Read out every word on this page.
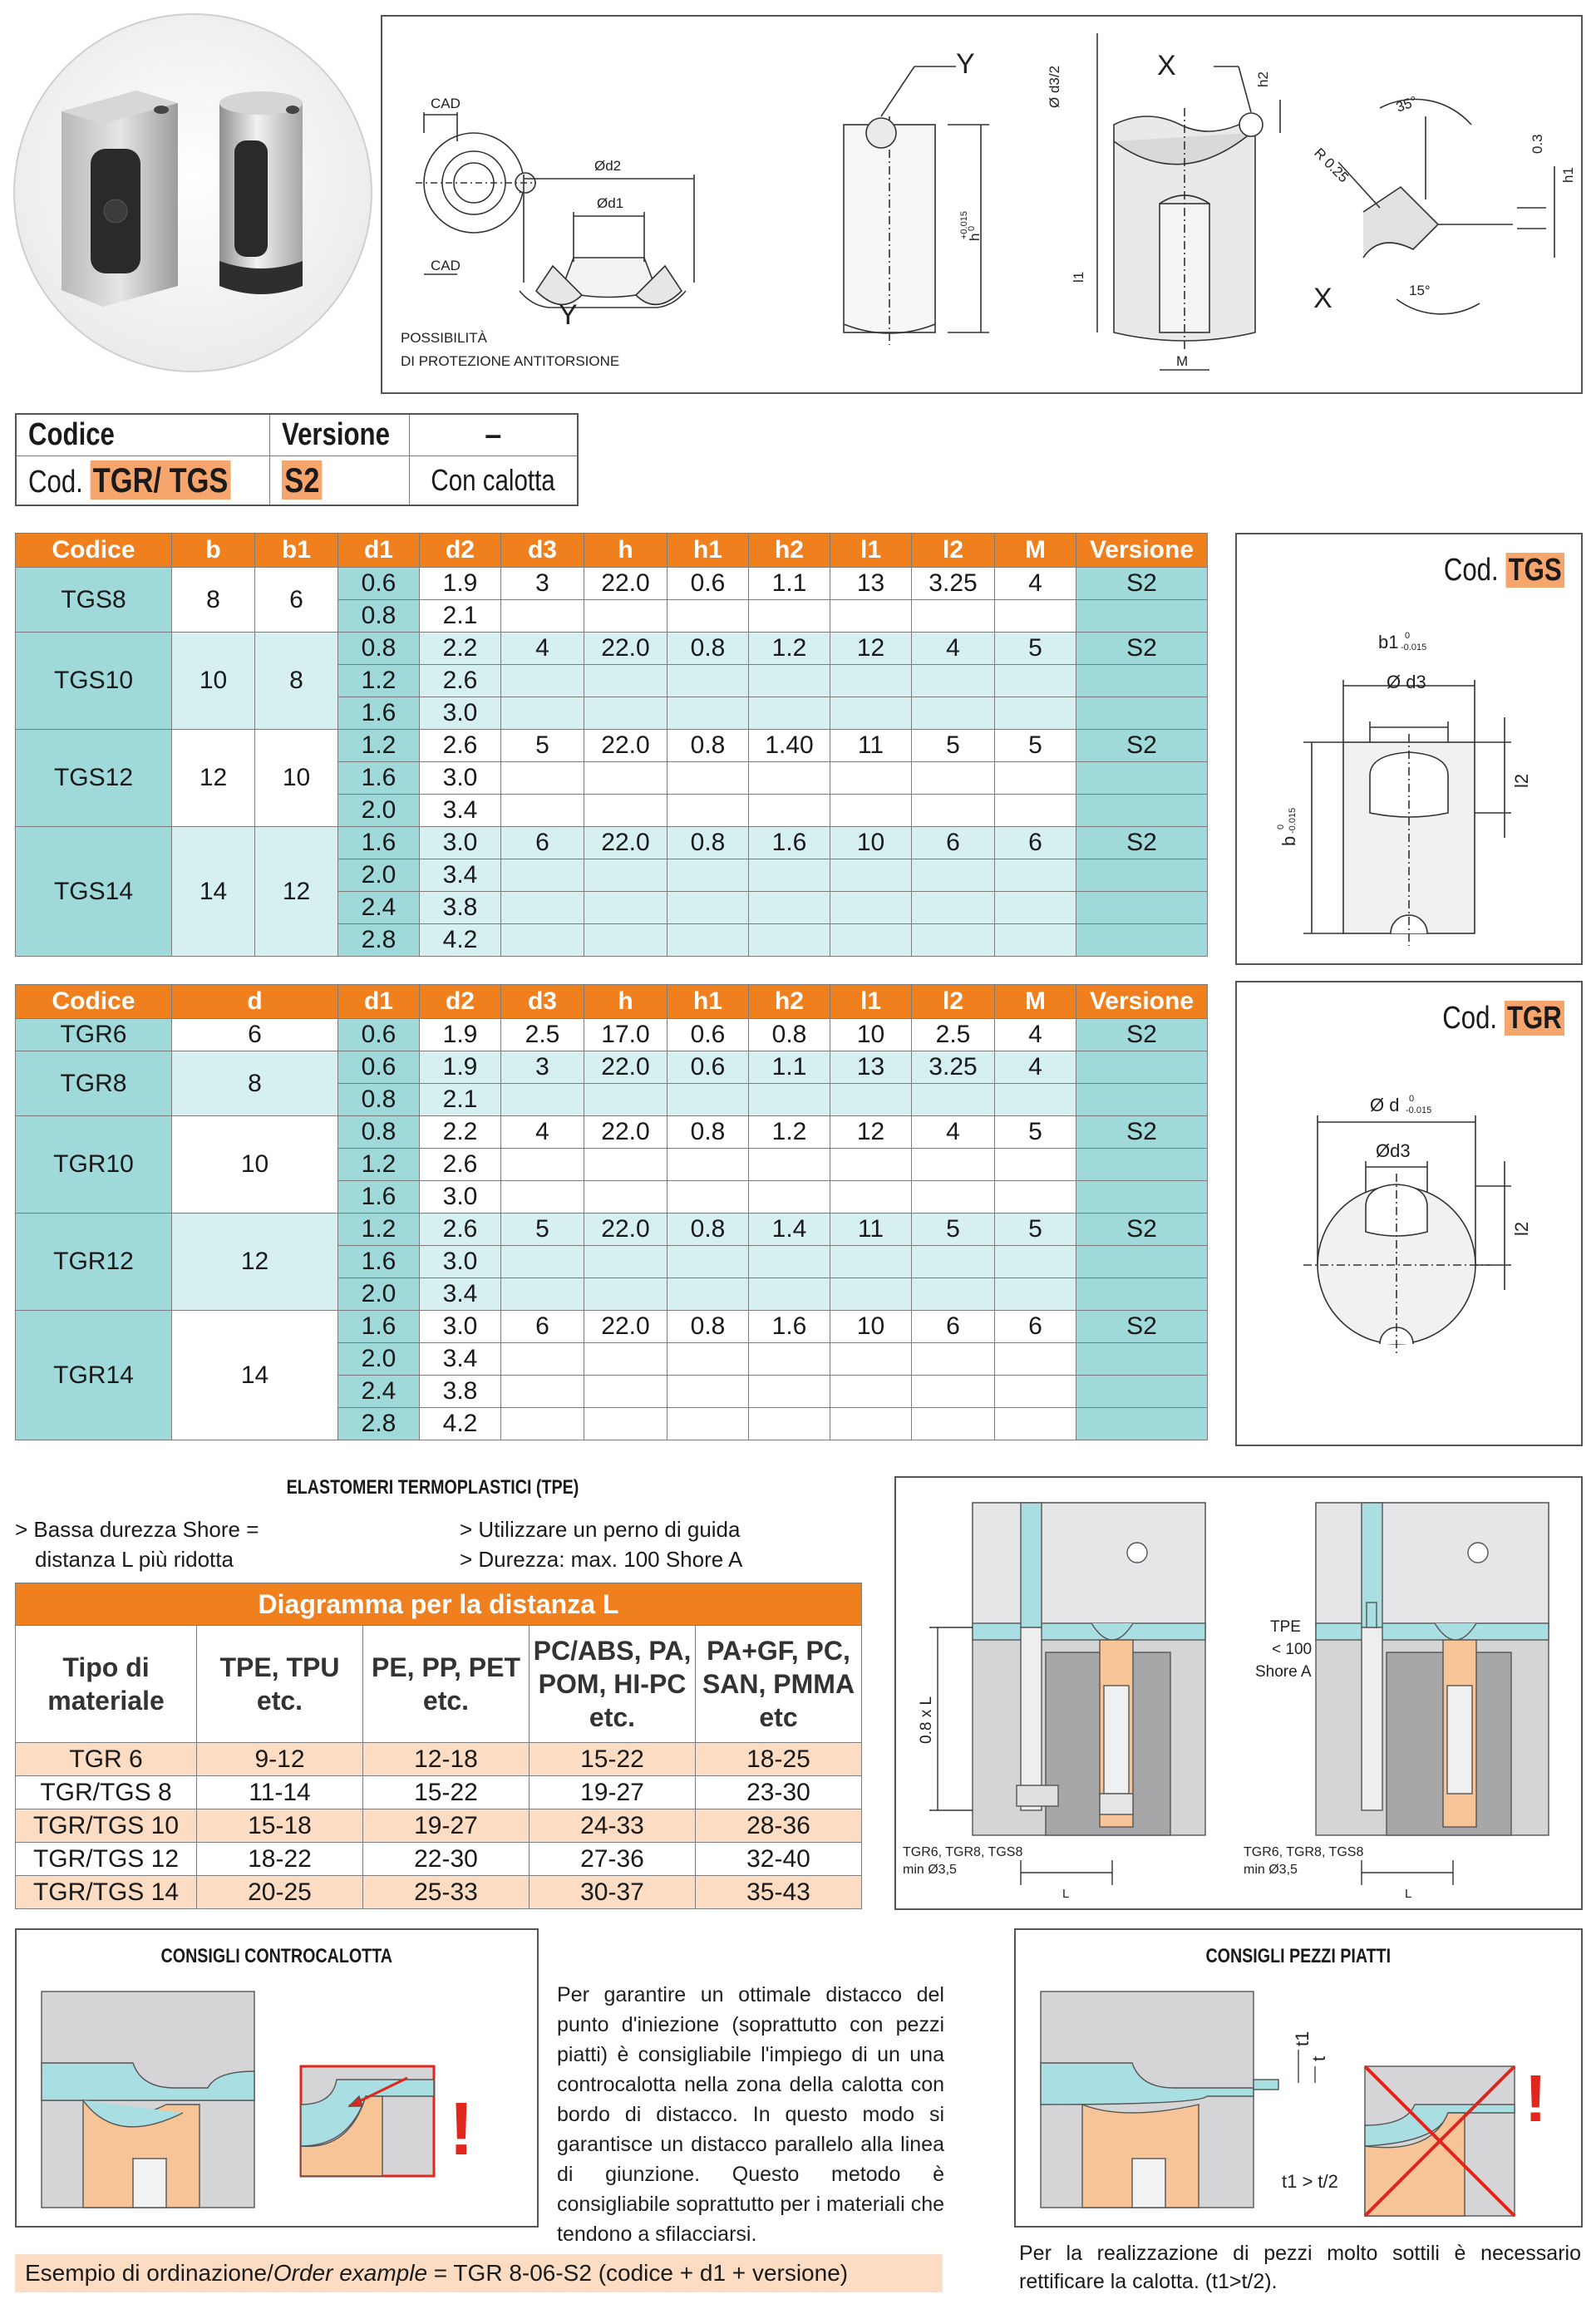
CAD
CAD
Ød2
Ød1
h1
0.3
35°
15°
R 0.25
Ø d3/2	h2
l1
M
h
+0.015
0
POSSIBILITÀ
DI PROTEZIONE ANTITORSIONE
Y
Y
X
X
Codice	Versione	–
Cod. TGR/ TGS	S2	Con calotta
Codice	b	b1	d1	d2	d3	h	h1	h2	l1	l2	M	Versione
TGS8	8	6	0.6	1.9	3	22.0	0.6	1.1	13	3.25	4	S2
			0.8	2.1								
TGS10	10	8	0.8	2.2	4	22.0	0.8	1.2	12	4	5	S2
			1.2	2.6								
			1.6	3.0								
TGS12	12	10	1.2	2.6	5	22.0	0.8	1.40	11	5	5	S2
			1.6	3.0								
			2.0	3.4								
TGS14	14	12	1.6	3.0	6	22.0	0.8	1.6	10	6	6	S2
			2.0	3.4								
			2.4	3.8								
			2.8	4.2								
Codice	d	d1	d2	d3	h	h1	h2	l1	l2	M	Versione
TGR6	6	0.6	1.9	2.5	17.0	0.6	0.8	10	2.5	4	S2
TGR8	8	0.6	1.9	3	22.0	0.6	1.1	13	3.25	4	
		0.8	2.1								
TGR10	10	0.8	2.2	4	22.0	0.8	1.2	12	4	5	S2
		1.2	2.6								
		1.6	3.0								
TGR12	12	1.2	2.6	5	22.0	0.8	1.4	11	5	5	S2
		1.6	3.0								
		2.0	3.4								
TGR14	14	1.6	3.0	6	22.0	0.8	1.6	10	6	6	S2
		2.0	3.4								
		2.4	3.8								
		2.8	4.2								
Cod. TGS
b1 0
-0.015
Ø d3
l2
b
0 -0.015
Cod. TGR
Ø d 0
-0.015
Ød3
l2
ELASTOMERI TERMOPLASTICI (TPE)
> Bassa durezza Shore =
distanza L più ridotta
> Utilizzare un perno di guida
> Durezza: max. 100 Shore A
Diagramma per la distanza L				
Tipo di materiale	TPE, TPU etc.	PE, PP, PET etc.	PC/ABS, PA, POM, HI-PC etc.	PA+GF, PC, SAN, PMMA etc
TGR 6	9-12	12-18	15-22	18-25
TGR/TGS 8	11-14	15-22	19-27	23-30
TGR/TGS 10	15-18	19-27	24-33	28-36
TGR/TGS 12	18-22	22-30	27-36	32-40
TGR/TGS 14	20-25	25-33	30-37	35-43
0.8 x L
TGR6, TGR8, TGS8
min Ø3,5
L
TPE
< 100
Shore A
TGR6, TGR8, TGS8
min Ø3,5
L
CONSIGLI CONTROCALOTTA
!
Per garantire un ottimale distacco del punto d'iniezione (soprattutto con pezzi piatti) è consigliabile l'impiego di un una controcalotta nella zona della calotta con bordo di distacco. In questo modo si garantisce un distacco parallelo alla linea di giunzione. Questo metodo è consigliabile soprattutto per i materiali che tendono a sfilacciarsi.
Esempio di ordinazione/Order example = TGR 8-06-S2 (codice + d1 + versione)
CONSIGLI PEZZI PIATTI
t1
t
t1 > t/2
!
Per la realizzazione di pezzi molto sottili è necessario rettificare la calotta. (t1>t/2).
